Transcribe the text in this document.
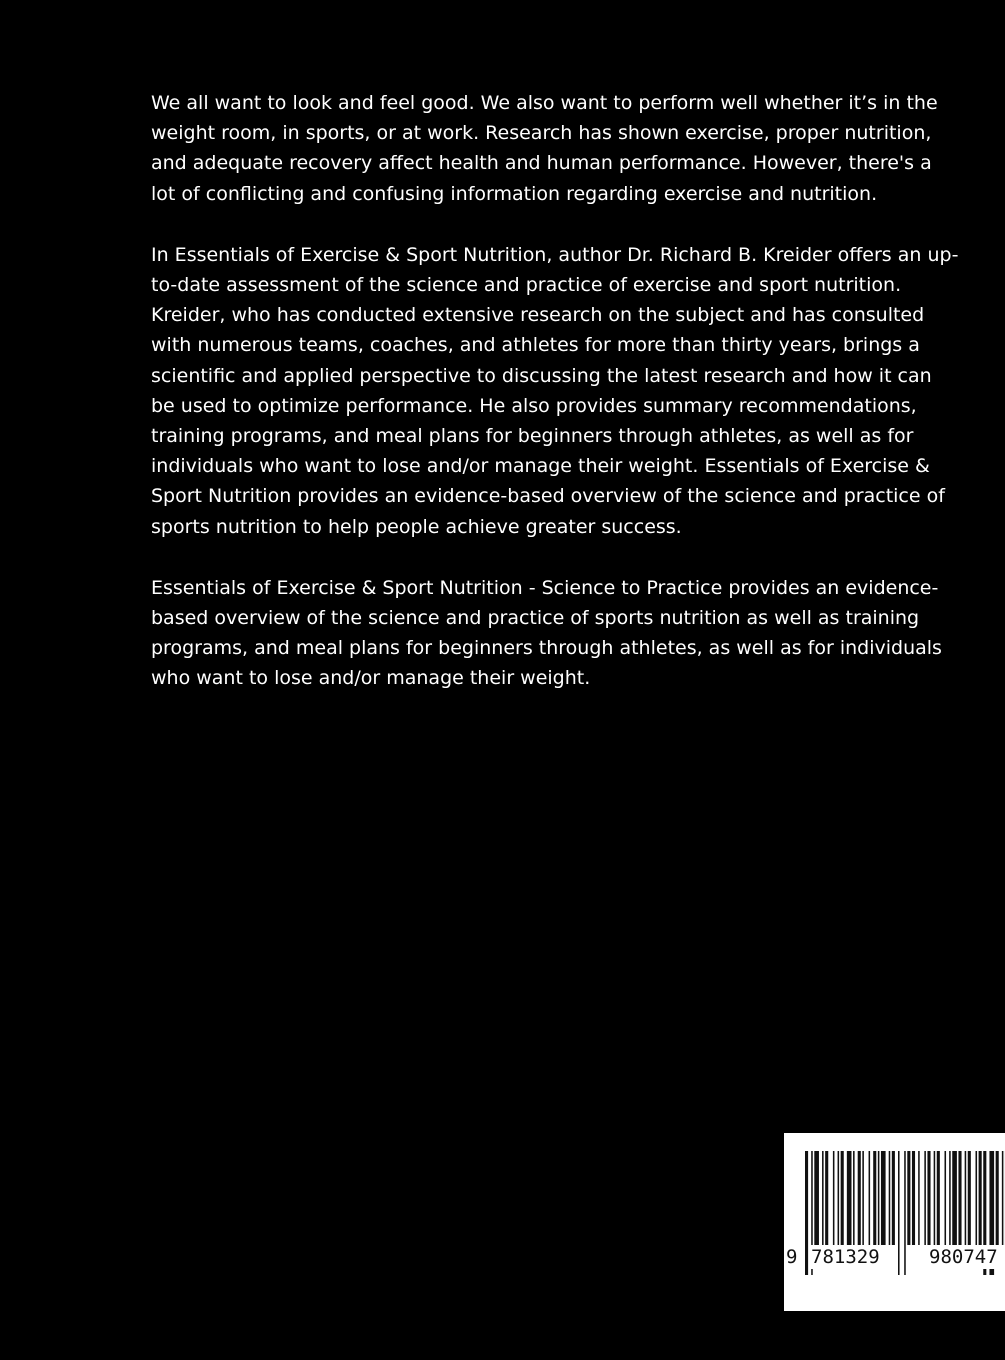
We all want to look and feel good. We also want to perform well whether it’s in the weight room, in sports, or at work. Research has shown exercise, proper nutrition, and adequate recovery affect health and human performance. However, there's a lot of conflicting and confusing information regarding exercise and nutrition.

In Essentials of Exercise & Sport Nutrition, author Dr. Richard B. Kreider offers an up-to-date assessment of the science and practice of exercise and sport nutrition. Kreider, who has conducted extensive research on the subject and has consulted with numerous teams, coaches, and athletes for more than thirty years, brings a scientific and applied perspective to discussing the latest research and how it can be used to optimize performance. He also provides summary recommendations, training programs, and meal plans for beginners through athletes, as well as for individuals who want to lose and/or manage their weight. Essentials of Exercise & Sport Nutrition provides an evidence-based overview of the science and practice of sports nutrition to help people achieve greater success.

Essentials of Exercise & Sport Nutrition - Science to Practice provides an evidence-based overview of the science and practice of sports nutrition as well as training programs, and meal plans for beginners through athletes, as well as for individuals who want to lose and/or manage their weight.

9 781329	980747
